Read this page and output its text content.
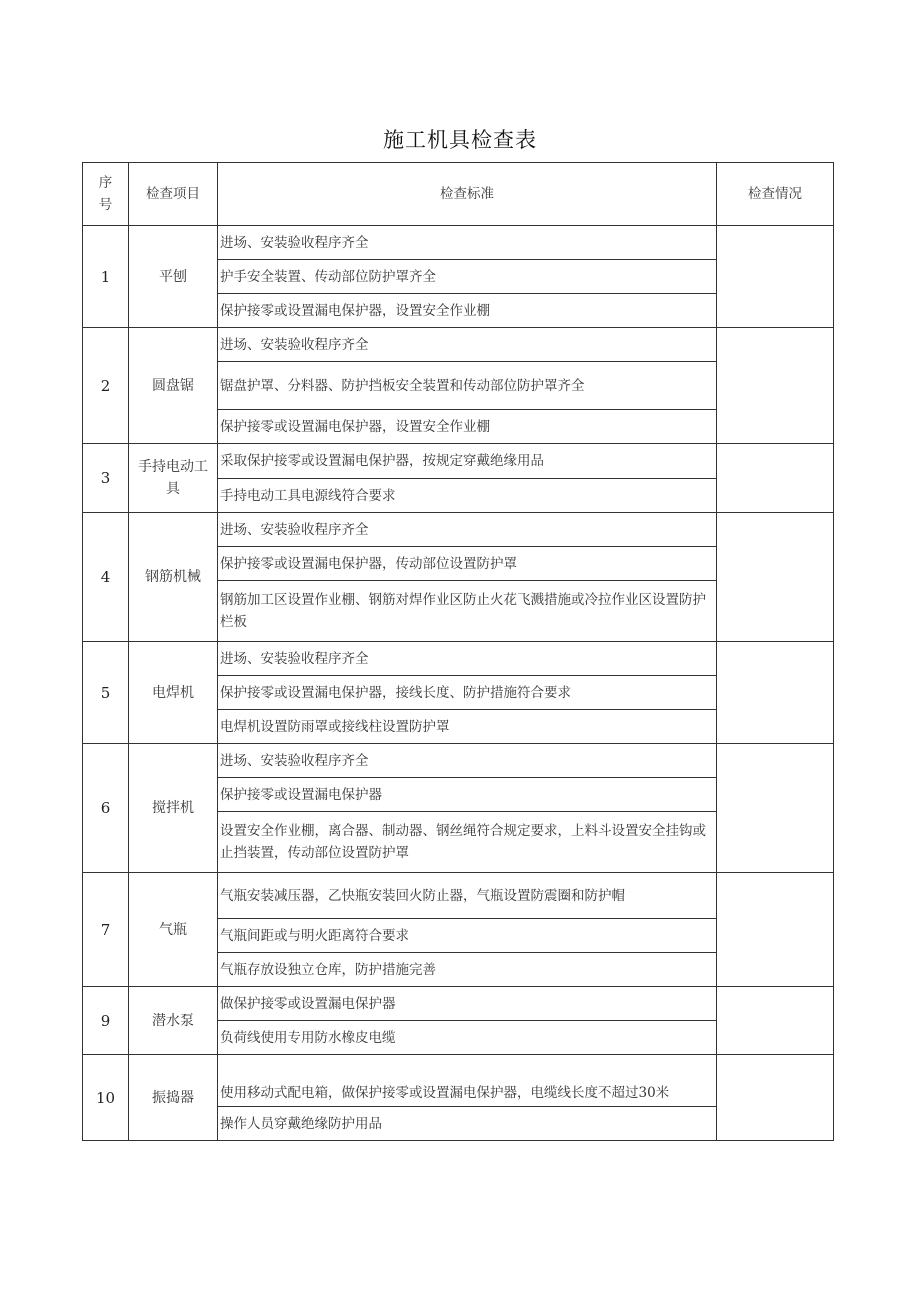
施工机具检查表
序号	检查项目	检查标准	检查情况
1	平刨	进场、安装验收程序齐全	
		护手安全装置、传动部位防护罩齐全	
		保护接零或设置漏电保护器，设置安全作业棚	
2	圆盘锯	进场、安装验收程序齐全	
		锯盘护罩、分料器、防护挡板安全装置和传动部位防护罩齐全	
		保护接零或设置漏电保护器，设置安全作业棚	
3	手持电动工具	采取保护接零或设置漏电保护器，按规定穿戴绝缘用品	
		手持电动工具电源线符合要求	
4	钢筋机械	进场、安装验收程序齐全	
		保护接零或设置漏电保护器，传动部位设置防护罩	
		钢筋加工区设置作业棚、钢筋对焊作业区防止火花飞溅措施或冷拉作业区设置防护栏板	
5	电焊机	进场、安装验收程序齐全	
		保护接零或设置漏电保护器，接线长度、防护措施符合要求	
		电焊机设置防雨罩或接线柱设置防护罩	
6	搅拌机	进场、安装验收程序齐全	
		保护接零或设置漏电保护器	
		设置安全作业棚，离合器、制动器、钢丝绳符合规定要求，上料斗设置安全挂钩或止挡装置，传动部位设置防护罩	
7	气瓶	气瓶安装减压器，乙快瓶安装回火防止器，气瓶设置防震圈和防护帽	
		气瓶间距或与明火距离符合要求	
		气瓶存放设独立仓库，防护措施完善	
9	潜水泵	做保护接零或设置漏电保护器	
		负荷线使用专用防水橡皮电缆	
10	振捣器	使用移动式配电箱，做保护接零或设置漏电保护器，电缆线长度不超过30米	
		操作人员穿戴绝缘防护用品	
